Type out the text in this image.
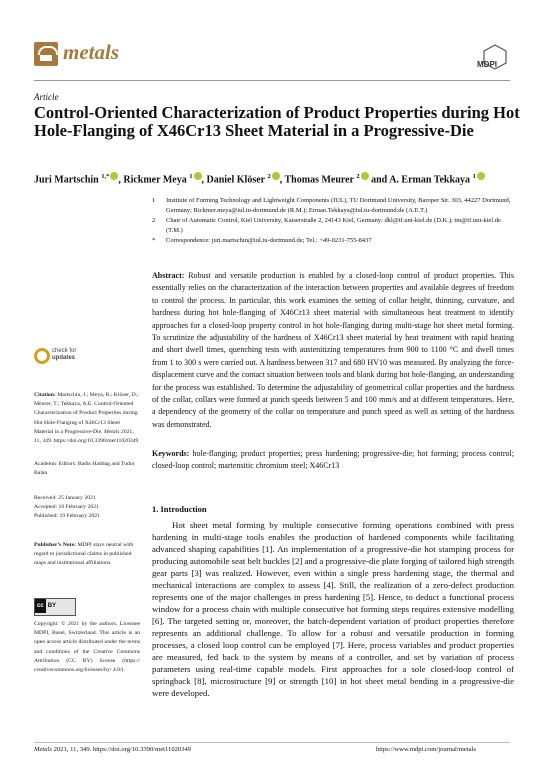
metals
MDPI
Article
Control-Oriented Characterization of Product Properties during Hot Hole-Flanging of X46Cr13 Sheet Material in a Progressive-Die
Juri Martschin $^{1,*}$ , Rickmer Meya $^1$ , Daniel Klöser $^2$ , Thomas Meurer $^2$ and A. Erman Tekkaya $^1$
1 Institute of Forming Technology and Lightweight Components (IUL), TU Dortmund University, Baroper Str. 303, 44227 Dortmund, Germany; Rickmer.meya@iul.tu-dortmund.de (R.M.); Erman.Tekkaya@iul.tu-dortmund.de (A.E.T.)
2 Chair of Automatic Control, Kiel University, Kaiserstraße 2, 24143 Kiel, Germany; dkl@tf.uni-kiel.de (D.K.); tm@tf.uni-kiel.de (T.M.)
* Correspondence: juri.martschin@iul.tu-dortmund.de; Tel.: +49-0231-755-8437
Abstract: Robust and versatile production is enabled by a closed-loop control of product properties. This essentially relies on the characterization of the interaction between properties and available degrees of freedom to control the process. In particular, this work examines the setting of collar height, thinning, curvature, and hardness during hot hole-flanging of X46Cr13 sheet material with simultaneous heat treatment to identify approaches for a closed-loop property control in hot hole-flanging during multi-stage hot sheet metal forming. To scrutinize the adjustability of the hardness of X46Cr13 sheet material by heat treatment with rapid heating and short dwell times, quenching tests with austenitizing temperatures from 900 to 1100 °C and dwell times from 1 to 300 s were carried out. A hardness between 317 and 680 HV10 was measured. By analyzing the force-displacement curve and the contact situation between tools and blank during hot hole-flanging, an understanding for the process was established. To determine the adjustability of geometrical collar properties and the hardness of the collar, collars were formed at punch speeds between 5 and 100 mm/s and at different temperatures. Here, a dependency of the geometry of the collar on temperature and punch speed as well as setting of the hardness was demonstrated.
Keywords: hole-flanging; product properties; press hardening; progressive-die; hot forming; process control; closed-loop control; martensitic chromium steel; X46Cr13
check for
updates
Citation: Martschin, J.; Meya, R.; Klöser, D.; Meurer, T.; Tekkaya, A.E. Control-Oriented Characterization of Product Properties during Hot Hole-Flanging of X46Cr13 Sheet Material in a Progressive-Die. Metals 2021, 11, 349. https://doi.org/10.3390/met11020349
Academic Editors: Badis Haddag and Tudor Balan
Received: 25 January 2021
Accepted: 16 February 2021
Published: 19 February 2021
Publisher’s Note: MDPI stays neutral with regard to jurisdictional claims in published maps and institutional affiliations.
cc BY
Copyright: © 2021 by the authors. Licensee MDPI, Basel, Switzerland. This article is an open access article distributed under the terms and conditions of the Creative Commons Attribution (CC BY) license (https:// creativecommons.org/licenses/by/ 4.0/).
1. Introduction
Hot sheet metal forming by multiple consecutive forming operations combined with press hardening in multi-stage tools enables the production of hardened components while facilitating advanced shaping capabilities [1]. An implementation of a progressive-die hot stamping process for producing automobile seat belt buckles [2] and a progressive-die plate forging of tailored high strength gear parts [3] was realized. However, even within a single press hardening stage, the thermal and mechanical interactions are complex to assess [4]. Still, the realization of a zero-defect production represents one of the major challenges in press hardening [5]. Hence, to deduct a functional process window for a process chain with multiple consecutive hot forming steps requires extensive modelling [6]. The targeted setting or, moreover, the batch-dependent variation of product properties therefore represents an additional challenge. To allow for a robust and versatile production in forming processes, a closed loop control can be employed [7]. Here, process variables and product properties are measured, fed back to the system by means of a controller, and set by variation of process parameters using real-time capable models. First approaches for a sole closed-loop control of springback [8], microstructure [9] or strength [10] in hot sheet metal bending in a progressive-die were developed.
Metals 2021, 11, 349. https://doi.org/10.3390/met11020349	https://www.mdpi.com/journal/metals
